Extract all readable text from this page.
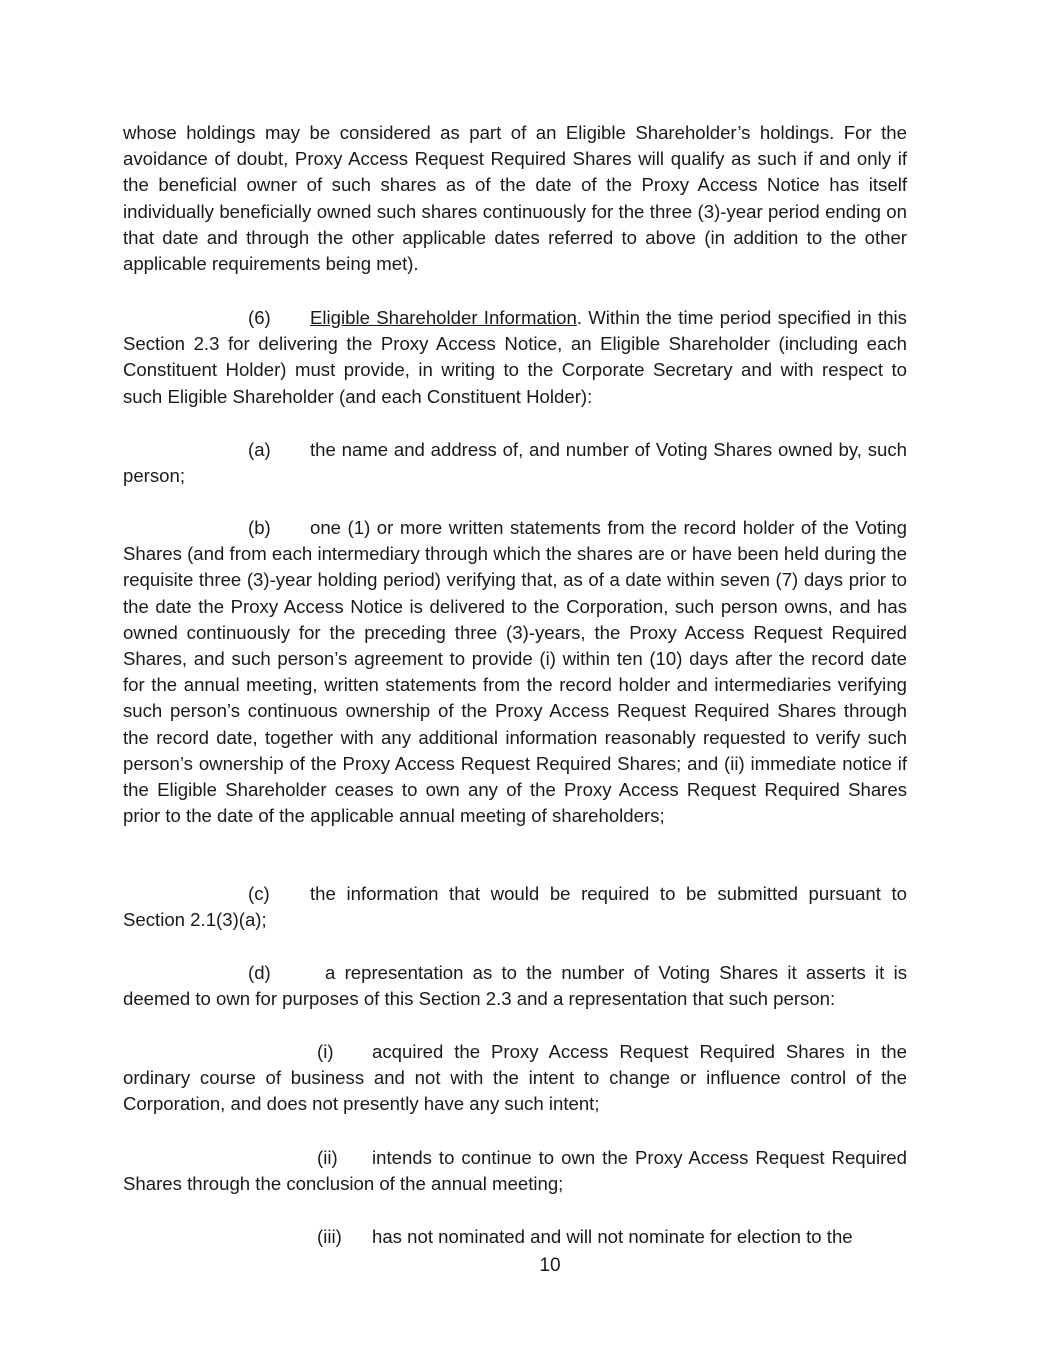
whose holdings may be considered as part of an Eligible Shareholder’s holdings. For the avoidance of doubt, Proxy Access Request Required Shares will qualify as such if and only if the beneficial owner of such shares as of the date of the Proxy Access Notice has itself individually beneficially owned such shares continuously for the three (3)-year period ending on that date and through the other applicable dates referred to above (in addition to the other applicable requirements being met).

(6) Eligible Shareholder Information. Within the time period specified in this Section 2.3 for delivering the Proxy Access Notice, an Eligible Shareholder (including each Constituent Holder) must provide, in writing to the Corporate Secretary and with respect to such Eligible Shareholder (and each Constituent Holder):

(a) the name and address of, and number of Voting Shares owned by, such person;

(b) one (1) or more written statements from the record holder of the Voting Shares (and from each intermediary through which the shares are or have been held during the requisite three (3)-year holding period) verifying that, as of a date within seven (7) days prior to the date the Proxy Access Notice is delivered to the Corporation, such person owns, and has owned continuously for the preceding three (3)-years, the Proxy Access Request Required Shares, and such person’s agreement to provide (i) within ten (10) days after the record date for the annual meeting, written statements from the record holder and intermediaries verifying such person’s continuous ownership of the Proxy Access Request Required Shares through the record date, together with any additional information reasonably requested to verify such person’s ownership of the Proxy Access Request Required Shares; and (ii) immediate notice if the Eligible Shareholder ceases to own any of the Proxy Access Request Required Shares prior to the date of the applicable annual meeting of shareholders;

(c) the information that would be required to be submitted pursuant to Section 2.1(3)(a);

(d)	a representation as to the number of Voting Shares it asserts it is deemed to own for purposes of this Section 2.3 and a representation that such person:

(i) acquired the Proxy Access Request Required Shares in the ordinary course of business and not with the intent to change or influence control of the Corporation, and does not presently have any such intent;

(ii) intends to continue to own the Proxy Access Request Required Shares through the conclusion of the annual meeting;

(iii) has not nominated and will not nominate for election to the

10
